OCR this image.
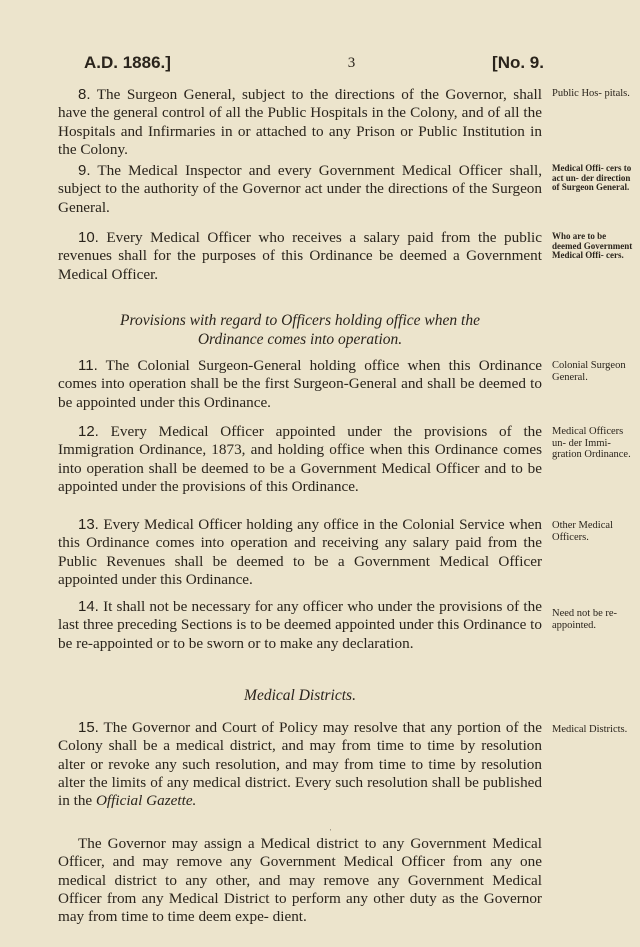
A.D. 1886.]	3	[No. 9.

8. The Surgeon General, subject to the directions of the Governor, shall have the general control of all the Public Hospitals in the Colony, and of all the Hospitals and Infirmaries in or attached to any Prison or Public Institution in the Colony.

Public Hos- pitals.

9. The Medical Inspector and every Government Medical Officer shall, subject to the authority of the Governor act under the directions of the Surgeon General.

Medical Offi- cers to act un- der direction of Surgeon General.

10. Every Medical Officer who receives a salary paid from the public revenues shall for the purposes of this Ordinance be deemed a Government Medical Officer.

Who are to be deemed Government Medical Offi- cers.
Provisions with regard to Officers holding office when the
Ordinance comes into operation.

11. The Colonial Surgeon-General holding office when this Ordinance comes into operation shall be the first Surgeon-General and shall be deemed to be appointed under this Ordinance.

Colonial Surgeon General.

12. Every Medical Officer appointed under the provisions of the Immigration Ordinance, 1873, and holding office when this Ordinance comes into operation shall be deemed to be a Government Medical Officer and to be appointed under the provisions of this Ordinance.

Medical Officers un- der Immi- gration Ordinance.

13. Every Medical Officer holding any office in the Colonial Service when this Ordinance comes into operation and receiving any salary paid from the Public Revenues shall be deemed to be a Government Medical Officer appointed under this Ordinance.

Other Medical Officers.

14. It shall not be necessary for any officer who under the provisions of the last three preceding Sections is to be deemed appointed under this Ordinance to be re-appointed or to be sworn or to make any declaration.

Need not be re- appointed.
Medical Districts.

15. The Governor and Court of Policy may resolve that any portion of the Colony shall be a medical district, and may from time to time by resolution alter or revoke any such resolution, and may from time to time by resolution alter the limits of any medical district. Every such resolution shall be published in the Official Gazette.

Medical Districts.
ˈ

The Governor may assign a Medical district to any Government Medical Officer, and may remove any Government Medical Officer from any one medical district to any other, and may remove any Government Medical Officer from any Medical District to perform any other duty as the Governor may from time to time deem expe- dient.
